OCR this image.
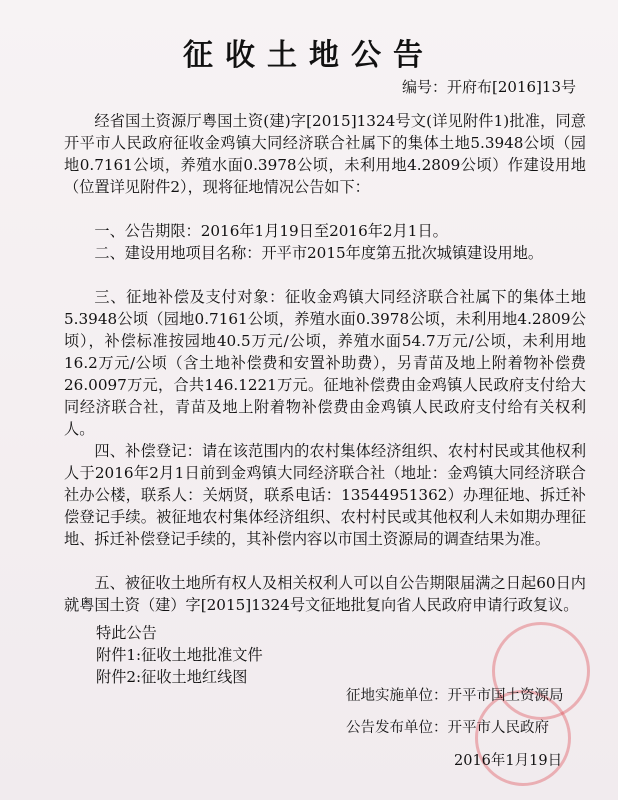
征收土地公告
编号：开府布[2016]13号

经省国土资源厅粤国土资(建)字[2015]1324号文(详见附件1)批准，同意开平市人民政府征收金鸡镇大同经济联合社属下的集体土地5.3948公顷（园地0.7161公顷，养殖水面0.3978公顷，未利用地4.2809公顷）作建设用地（位置详见附件2），现将征地情况公告如下：

一、公告期限：2016年1月19日至2016年2月1日。

二、建设用地项目名称：开平市2015年度第五批次城镇建设用地。

三、征地补偿及支付对象：征收金鸡镇大同经济联合社属下的集体土地5.3948公顷（园地0.7161公顷，养殖水面0.3978公顷，未利用地4.2809公顷），补偿标准按园地40.5万元/公顷，养殖水面54.7万元/公顷，未利用地16.2万元/公顷（含土地补偿费和安置补助费），另青苗及地上附着物补偿费26.0097万元，合共146.1221万元。征地补偿费由金鸡镇人民政府支付给大同经济联合社，青苗及地上附着物补偿费由金鸡镇人民政府支付给有关权利人。

四、补偿登记：请在该范围内的农村集体经济组织、农村村民或其他权利人于2016年2月1日前到金鸡镇大同经济联合社（地址：金鸡镇大同经济联合社办公楼，联系人：关炳贤，联系电话：13544951362）办理征地、拆迁补偿登记手续。被征地农村集体经济组织、农村村民或其他权利人未如期办理征地、拆迁补偿登记手续的，其补偿内容以市国土资源局的调查结果为准。

五、被征收土地所有权人及相关权利人可以自公告期限届满之日起60日内就粤国土资（建）字[2015]1324号文征地批复向省人民政府申请行政复议。

特此公告
附件1:征收土地批准文件
附件2:征收土地红线图
征地实施单位：开平市国土资源局
公告发布单位：开平市人民政府
2016年1月19日
